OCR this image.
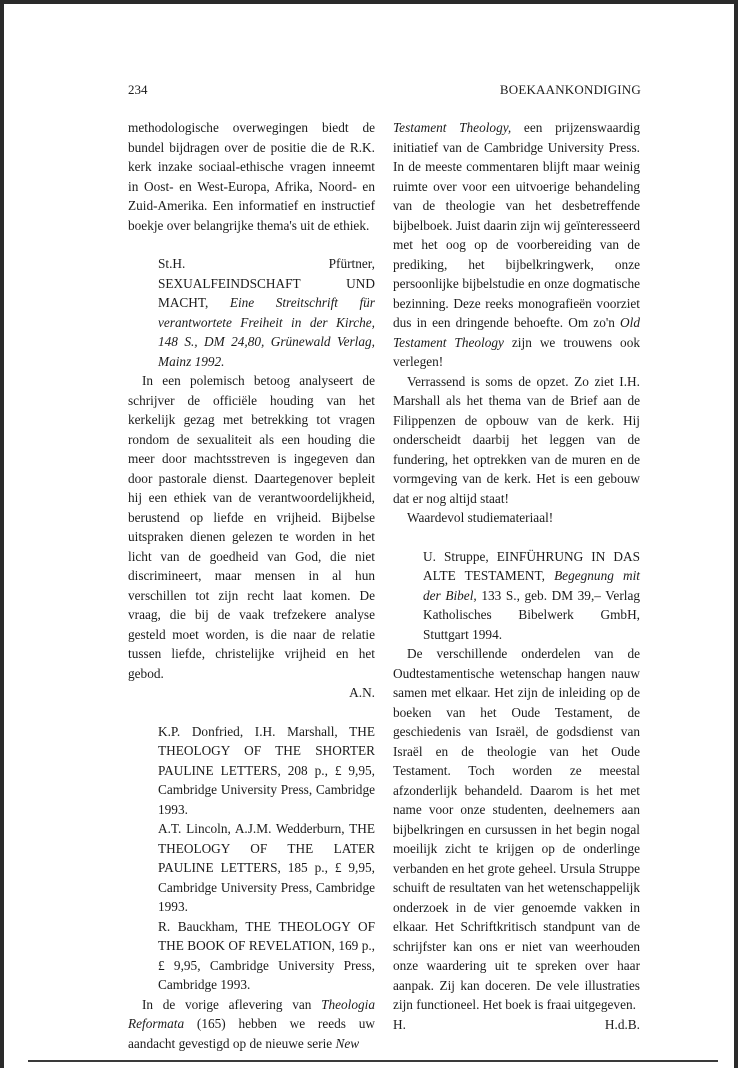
234	BOEKAANKONDIGING

methodologische overwegingen biedt de bundel bijdragen over de positie die de R.K. kerk inzake sociaal-ethische vragen inneemt in Oost- en West-Europa, Afrika, Noord- en Zuid-Amerika. Een informatief en instructief boekje over belangrijke thema's uit de ethiek.

St.H. Pfürtner, SEXUALFEINDSCHAFT UND MACHT, Eine Streitschrift für verantwortete Freiheit in der Kirche, 148 S., DM 24,80, Grünewald Verlag, Mainz 1992.

In een polemisch betoog analyseert de schrijver de officiële houding van het kerkelijk gezag met betrekking tot vragen rondom de sexualiteit als een houding die meer door machtsstreven is ingegeven dan door pastorale dienst. Daartegenover bepleit hij een ethiek van de verantwoordelijkheid, berustend op liefde en vrijheid. Bijbelse uitspraken dienen gelezen te worden in het licht van de goedheid van God, die niet discrimineert, maar mensen in al hun verschillen tot zijn recht laat komen. De vraag, die bij de vaak trefzekere analyse gesteld moet worden, is die naar de relatie tussen liefde, christelijke vrijheid en het gebod.

A.N.

K.P. Donfried, I.H. Marshall, THE THEOLOGY OF THE SHORTER PAULINE LETTERS, 208 p., £ 9,95, Cambridge University Press, Cambridge 1993.

A.T. Lincoln, A.J.M. Wedderburn, THE THEOLOGY OF THE LATER PAULINE LETTERS, 185 p., £ 9,95, Cambridge University Press, Cambridge 1993.

R. Bauckham, THE THEOLOGY OF THE BOOK OF REVELATION, 169 p., £ 9,95, Cambridge University Press, Cambridge 1993.

In de vorige aflevering van Theologia Reformata (165) hebben we reeds uw aandacht gevestigd op de nieuwe serie New

Testament Theology, een prijzenswaardig initiatief van de Cambridge University Press. In de meeste commentaren blijft maar weinig ruimte over voor een uitvoerige behandeling van de theologie van het desbetreffende bijbelboek. Juist daarin zijn wij geïnteresseerd met het oog op de voorbereiding van de prediking, het bijbelkringwerk, onze persoonlijke bijbelstudie en onze dogmatische bezinning. Deze reeks monografieën voorziet dus in een dringende behoefte. Om zo'n Old Testament Theology zijn we trouwens ook verlegen!

Verrassend is soms de opzet. Zo ziet I.H. Marshall als het thema van de Brief aan de Filippenzen de opbouw van de kerk. Hij onderscheidt daarbij het leggen van de fundering, het optrekken van de muren en de vormgeving van de kerk. Het is een gebouw dat er nog altijd staat!

Waardevol studiemateriaal!

U. Struppe, EINFÜHRUNG IN DAS ALTE TESTAMENT, Begegnung mit der Bibel, 133 S., geb. DM 39,– Verlag Katholisches Bibelwerk GmbH, Stuttgart 1994.

De verschillende onderdelen van de Oudtestamentische wetenschap hangen nauw samen met elkaar. Het zijn de inleiding op de boeken van het Oude Testament, de geschiedenis van Israël, de godsdienst van Israël en de theologie van het Oude Testament. Toch worden ze meestal afzonderlijk behandeld. Daarom is het met name voor onze studenten, deelnemers aan bijbelkringen en cursussen in het begin nogal moeilijk zicht te krijgen op de onderlinge verbanden en het grote geheel. Ursula Struppe schuift de resultaten van het wetenschappelijk onderzoek in de vier genoemde vakken in elkaar. Het Schriftkritisch standpunt van de schrijfster kan ons er niet van weerhouden onze waardering uit te spreken over haar aanpak. Zij kan doceren. De vele illustraties zijn functioneel. Het boek is fraai uitgegeven.

H.	H.d.B.
